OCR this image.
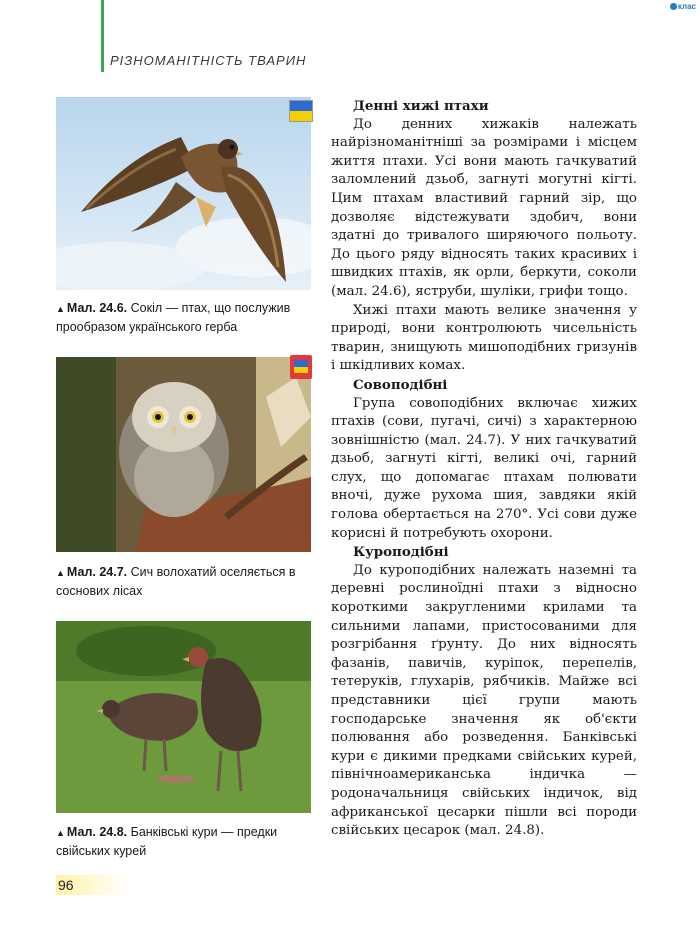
РІЗНОМАНІТНІСТЬ ТВАРИН
клас
▲ Мал. 24.6. Сокіл — птах, що послужив прообразом українського герба
▲ Мал. 24.7. Сич волохатий оселяється в соснових лісах
▲ Мал. 24.8. Банківські кури — предки свійських курей
Денні хижі птахи

До денних хижаків належать найрізноманітніші за розмірами і місцем життя птахи. Усі вони мають гачкуватий заломлений дзьоб, загнуті могутні кігті. Цим птахам властивий гарний зір, що дозволяє відстежувати здобич, вони здатні до тривалого ширяючого польоту. До цього ряду відносять таких красивих і швидких птахів, як орли, беркути, соколи (мал. 24.6), яструби, шуліки, грифи тощо.

Хижі птахи мають велике значення у природі, вони контролюють чисельність тварин, знищують мишоподібних гризунів і шкідливих комах.

Совоподібні

Група совоподібних включає хижих птахів (сови, пугачі, сичі) з характерною зовнішністю (мал. 24.7). У них гачкуватий дзьоб, загнуті кігті, великі очі, гарний слух, що допомагає птахам полювати вночі, дуже рухома шия, завдяки якій голова обертається на 270°. Усі сови дуже корисні й потребують охорони.

Куроподібні

До куроподібних належать наземні та деревні рослиноїдні птахи з відносно короткими закругленими крилами та сильними лапами, пристосованими для розгрібання ґрунту. До них відносять фазанів, павичів, куріпок, перепелів, тетеруків, глухарів, рябчиків. Майже всі представники цієї групи мають господарське значення як об'єкти полювання або розведення. Банківські кури є дикими предками свійських курей, північноамериканська індичка — родоначальниця свійських індичок, від африканської цесарки пішли всі породи свійських цесарок (мал. 24.8).

96
